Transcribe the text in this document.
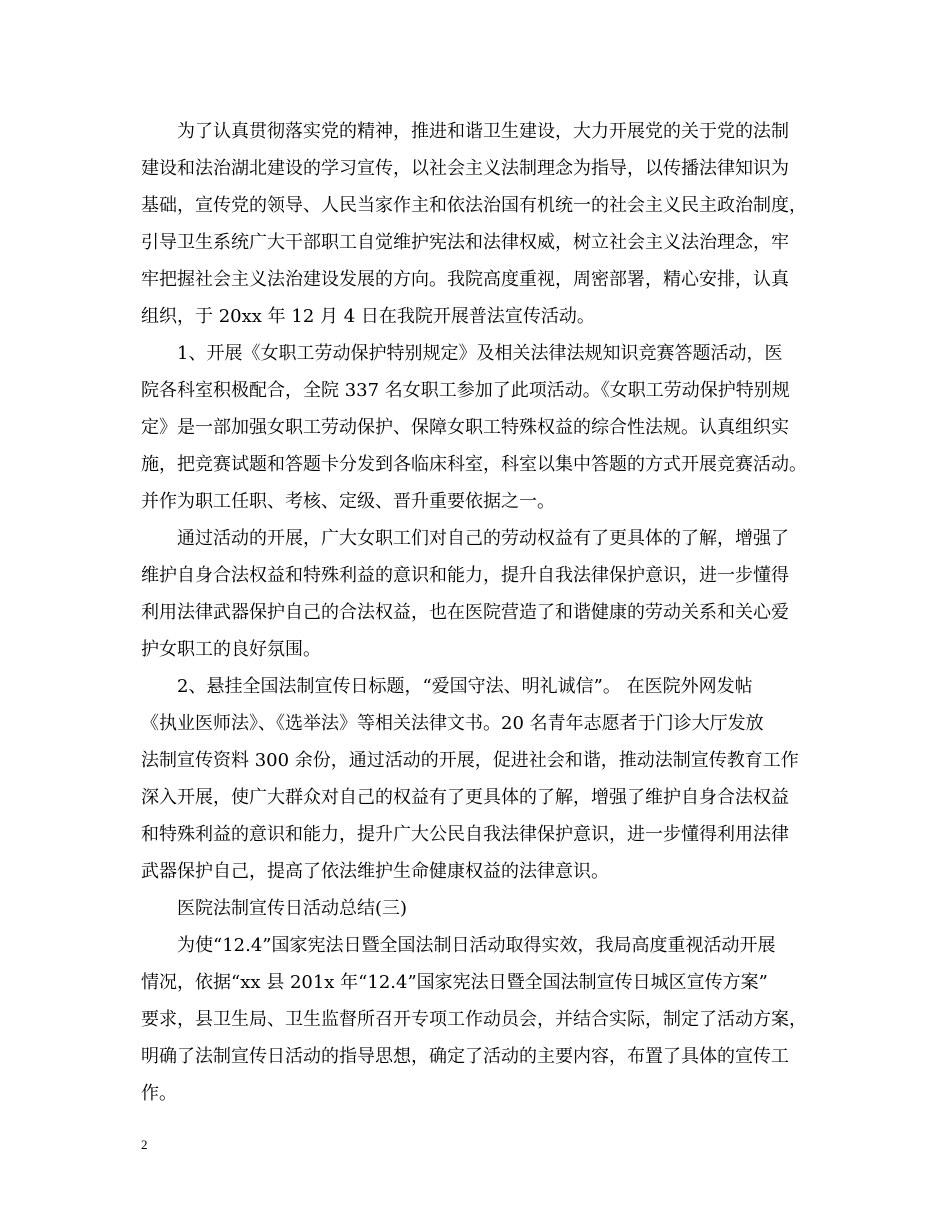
为了认真贯彻落实党的精神，推进和谐卫生建设，大力开展党的关于党的法制
建设和法治湖北建设的学习宣传，以社会主义法制理念为指导，以传播法律知识为
基础，宣传党的领导、人民当家作主和依法治国有机统一的社会主义民主政治制度，
引导卫生系统广大干部职工自觉维护宪法和法律权威，树立社会主义法治理念，牢
牢把握社会主义法治建设发展的方向。我院高度重视，周密部署，精心安排，认真
组织，于 20xx 年 12 月 4 日在我院开展普法宣传活动。
1、开展《女职工劳动保护特别规定》及相关法律法规知识竞赛答题活动，医
院各科室积极配合，全院 337 名女职工参加了此项活动。《女职工劳动保护特别规
定》是一部加强女职工劳动保护、保障女职工特殊权益的综合性法规。认真组织实
施，把竞赛试题和答题卡分发到各临床科室，科室以集中答题的方式开展竞赛活动。
并作为职工任职、考核、定级、晋升重要依据之一。
通过活动的开展，广大女职工们对自己的劳动权益有了更具体的了解，增强了
维护自身合法权益和特殊利益的意识和能力，提升自我法律保护意识，进一步懂得
利用法律武器保护自己的合法权益，也在医院营造了和谐健康的劳动关系和关心爱
护女职工的良好氛围。
2、悬挂全国法制宣传日标题，“爱国守法、明礼诚信”。 在医院外网发帖
《执业医师法》、《选举法》等相关法律文书。20 名青年志愿者于门诊大厅发放
法制宣传资料 300 余份，通过活动的开展，促进社会和谐，推动法制宣传教育工作
深入开展，使广大群众对自己的权益有了更具体的了解，增强了维护自身合法权益
和特殊利益的意识和能力，提升广大公民自我法律保护意识，进一步懂得利用法律
武器保护自己，提高了依法维护生命健康权益的法律意识。
医院法制宣传日活动总结(三)
为使“12.4”国家宪法日暨全国法制日活动取得实效，我局高度重视活动开展
情况，依据“xx 县 201x 年“12.4”国家宪法日暨全国法制宣传日城区宣传方案”
要求，县卫生局、卫生监督所召开专项工作动员会，并结合实际，制定了活动方案，
明确了法制宣传日活动的指导思想，确定了活动的主要内容，布置了具体的宣传工
作。
2
